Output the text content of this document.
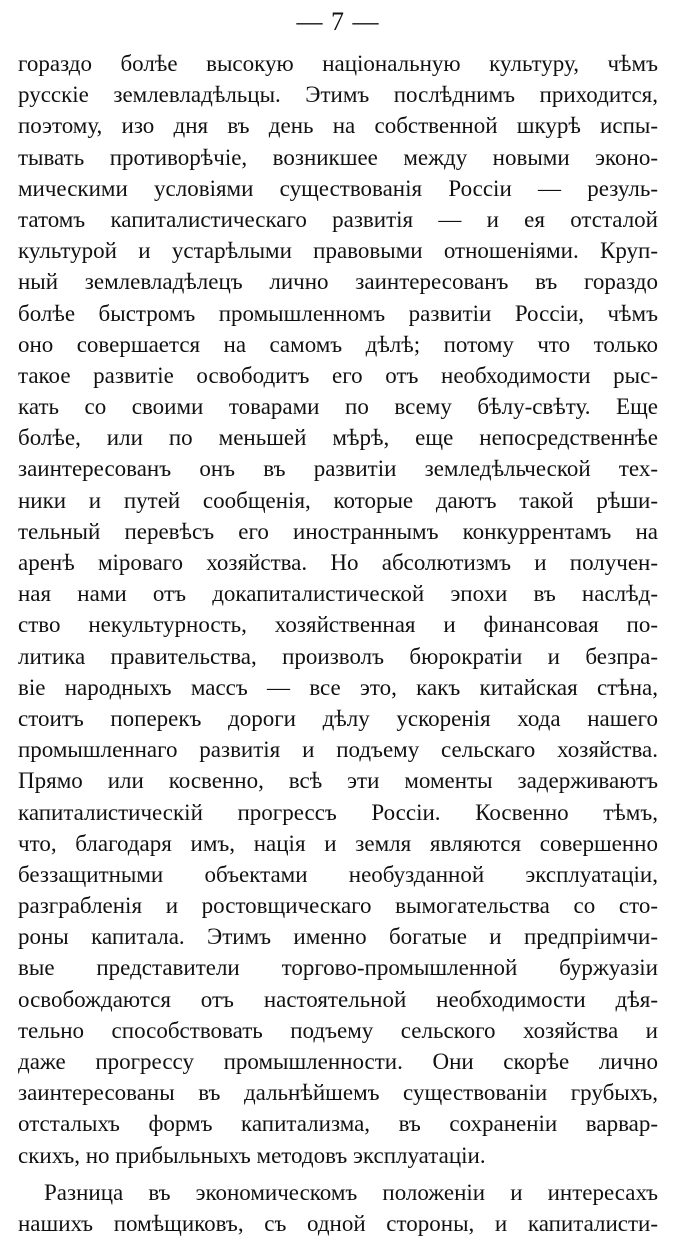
— 7 —
гораздо болѣе высокую національную культуру, чѣмъ
русскіе землевладѣльцы. Этимъ послѣднимъ приходится,
поэтому, изо дня въ день на собственной шкурѣ испы-
тывать противорѣчіе, возникшее между новыми эконо-
мическими условіями существованія Россіи — резуль-
татомъ капиталистическаго развитія — и ея отсталой
культурой и устарѣлыми правовыми отношеніями. Круп-
ный землевладѣлецъ лично заинтересованъ въ гораздо
болѣе быстромъ промышленномъ развитіи Россіи, чѣмъ
оно совершается на самомъ дѣлѣ; потому что только
такое развитіе освободитъ его отъ необходимости рыс-
кать со своими товарами по всему бѣлу-свѣту. Еще
болѣе, или по меньшей мѣрѣ, еще непосредственнѣе
заинтересованъ онъ въ развитіи земледѣльческой тех-
ники и путей сообщенія, которые даютъ такой рѣши-
тельный перевѣсъ его иностраннымъ конкуррентамъ на
аренѣ міроваго хозяйства. Но абсолютизмъ и получен-
ная нами отъ докапиталистической эпохи въ наслѣд-
ство некультурность, хозяйственная и финансовая по-
литика правительства, произволъ бюрократіи и безпра-
віе народныхъ массъ — все это, какъ китайская стѣна,
стоитъ поперекъ дороги дѣлу ускоренія хода нашего
промышленнаго развитія и подъему сельскаго хозяйства.
Прямо или косвенно, всѣ эти моменты задерживаютъ
капиталистическій прогрессъ Россіи. Косвенно тѣмъ,
что, благодаря имъ, нація и земля являются совершенно
беззащитными объектами необузданной эксплуатаціи,
разграбленія и ростовщическаго вымогательства со сто-
роны капитала. Этимъ именно богатые и предпріимчи-
вые представители торгово-промышленной буржуазіи
освобождаются отъ настоятельной необходимости дѣя-
тельно способствовать подъему сельского хозяйства и
даже прогрессу промышленности. Они скорѣе лично
заинтересованы въ дальнѣйшемъ существованіи грубыхъ,
отсталыхъ формъ капитализма, въ сохраненіи варвар-
скихъ, но прибыльныхъ методовъ эксплуатаціи.
Разница въ экономическомъ положеніи и интересахъ
нашихъ помѣщиковъ, съ одной стороны, и капиталисти-
